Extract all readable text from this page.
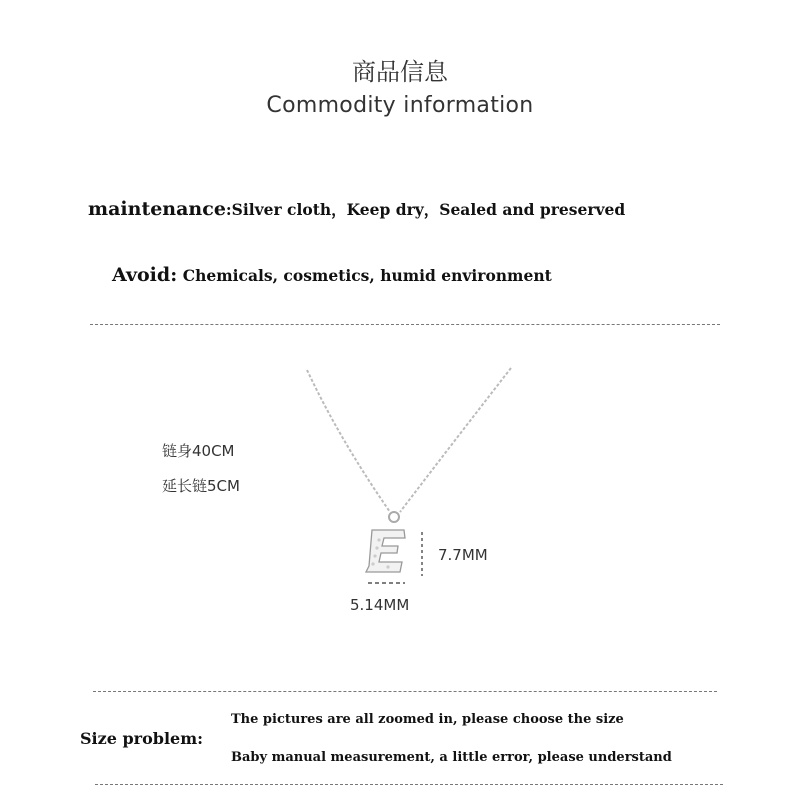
商品信息
Commodity information
maintenance:Silver cloth，Keep dry，Sealed and preserved
Avoid: Chemicals, cosmetics, humid environment
链身40CM
延长链5CM
7.7MM
5.14MM
Size problem:
The pictures are all zoomed in, please choose the size
Baby manual measurement, a little error, please understand
